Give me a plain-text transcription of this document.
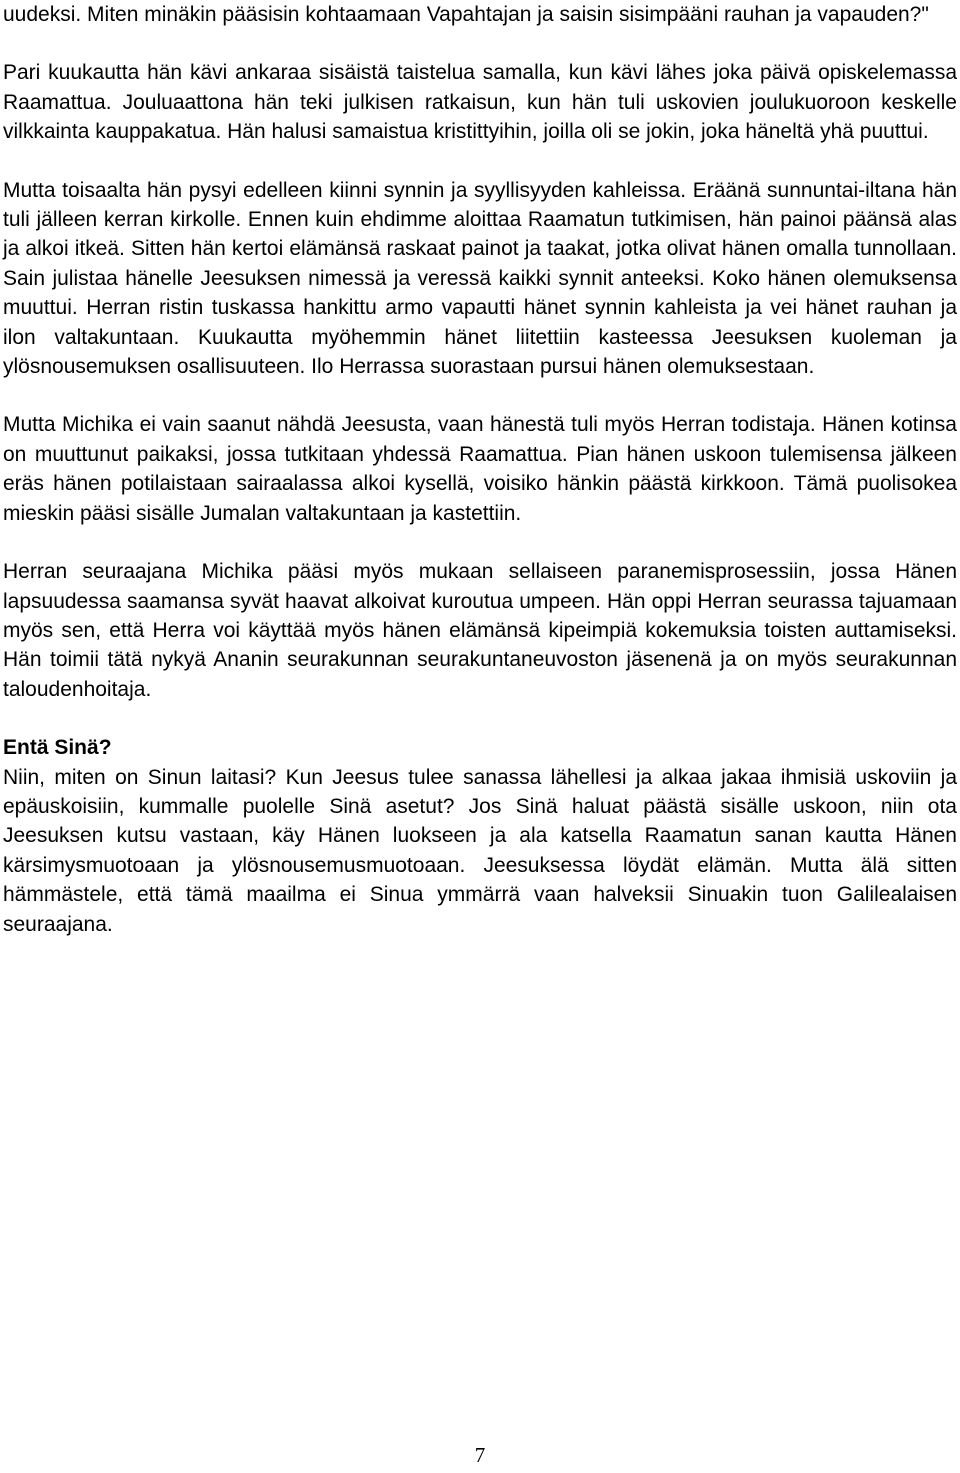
uudeksi. Miten minäkin pääsisin kohtaamaan Vapahtajan ja saisin sisimpääni rauhan ja vapauden?"

Pari kuukautta hän kävi ankaraa sisäistä taistelua samalla, kun kävi lähes joka päivä opiskelemassa Raamattua. Jouluaattona hän teki julkisen ratkaisun, kun hän tuli uskovien joulukuoroon keskelle vilkkainta kauppakatua. Hän halusi samaistua kristittyihin, joilla oli se jokin, joka häneltä yhä puuttui.

Mutta toisaalta hän pysyi edelleen kiinni synnin ja syyllisyyden kahleissa. Eräänä sunnuntai-iltana hän tuli jälleen kerran kirkolle. Ennen kuin ehdimme aloittaa Raamatun tutkimisen, hän painoi päänsä alas ja alkoi itkeä. Sitten hän kertoi elämänsä raskaat painot ja taakat, jotka olivat hänen omalla tunnollaan. Sain julistaa hänelle Jeesuksen nimessä ja veressä kaikki synnit anteeksi. Koko hänen olemuksensa muuttui. Herran ristin tuskassa hankittu armo vapautti hänet synnin kahleista ja vei hänet rauhan ja ilon valtakuntaan. Kuukautta myöhemmin hänet liitettiin kasteessa Jeesuksen kuoleman ja ylösnousemuksen osallisuuteen. Ilo Herrassa suorastaan pursui hänen olemuksestaan.

Mutta Michika ei vain saanut nähdä Jeesusta, vaan hänestä tuli myös Herran todistaja. Hänen kotinsa on muuttunut paikaksi, jossa tutkitaan yhdessä Raamattua. Pian hänen uskoon tulemisensa jälkeen eräs hänen potilaistaan sairaalassa alkoi kysellä, voisiko hänkin päästä kirkkoon. Tämä puolisokea mieskin pääsi sisälle Jumalan valtakuntaan ja kastettiin.

Herran seuraajana Michika pääsi myös mukaan sellaiseen paranemisprosessiin, jossa Hänen lapsuudessa saamansa syvät haavat alkoivat kuroutua umpeen. Hän oppi Herran seurassa tajuamaan myös sen, että Herra voi käyttää myös hänen elämänsä kipeimpiä kokemuksia toisten auttamiseksi. Hän toimii tätä nykyä Ananin seurakunnan seurakuntaneuvoston jäsenenä ja on myös seurakunnan taloudenhoitaja.

Entä Sinä?

Niin, miten on Sinun laitasi? Kun Jeesus tulee sanassa lähellesi ja alkaa jakaa ihmisiä uskoviin ja epäuskoisiin, kummalle puolelle Sinä asetut? Jos Sinä haluat päästä sisälle uskoon, niin ota Jeesuksen kutsu vastaan, käy Hänen luokseen ja ala katsella Raamatun sanan kautta Hänen kärsimysmuotoaan ja ylösnousemusmuotoaan. Jeesuksessa löydät elämän. Mutta älä sitten hämmästele, että tämä maailma ei Sinua ymmärrä vaan halveksii Sinuakin tuon Galilealaisen seuraajana.

7
